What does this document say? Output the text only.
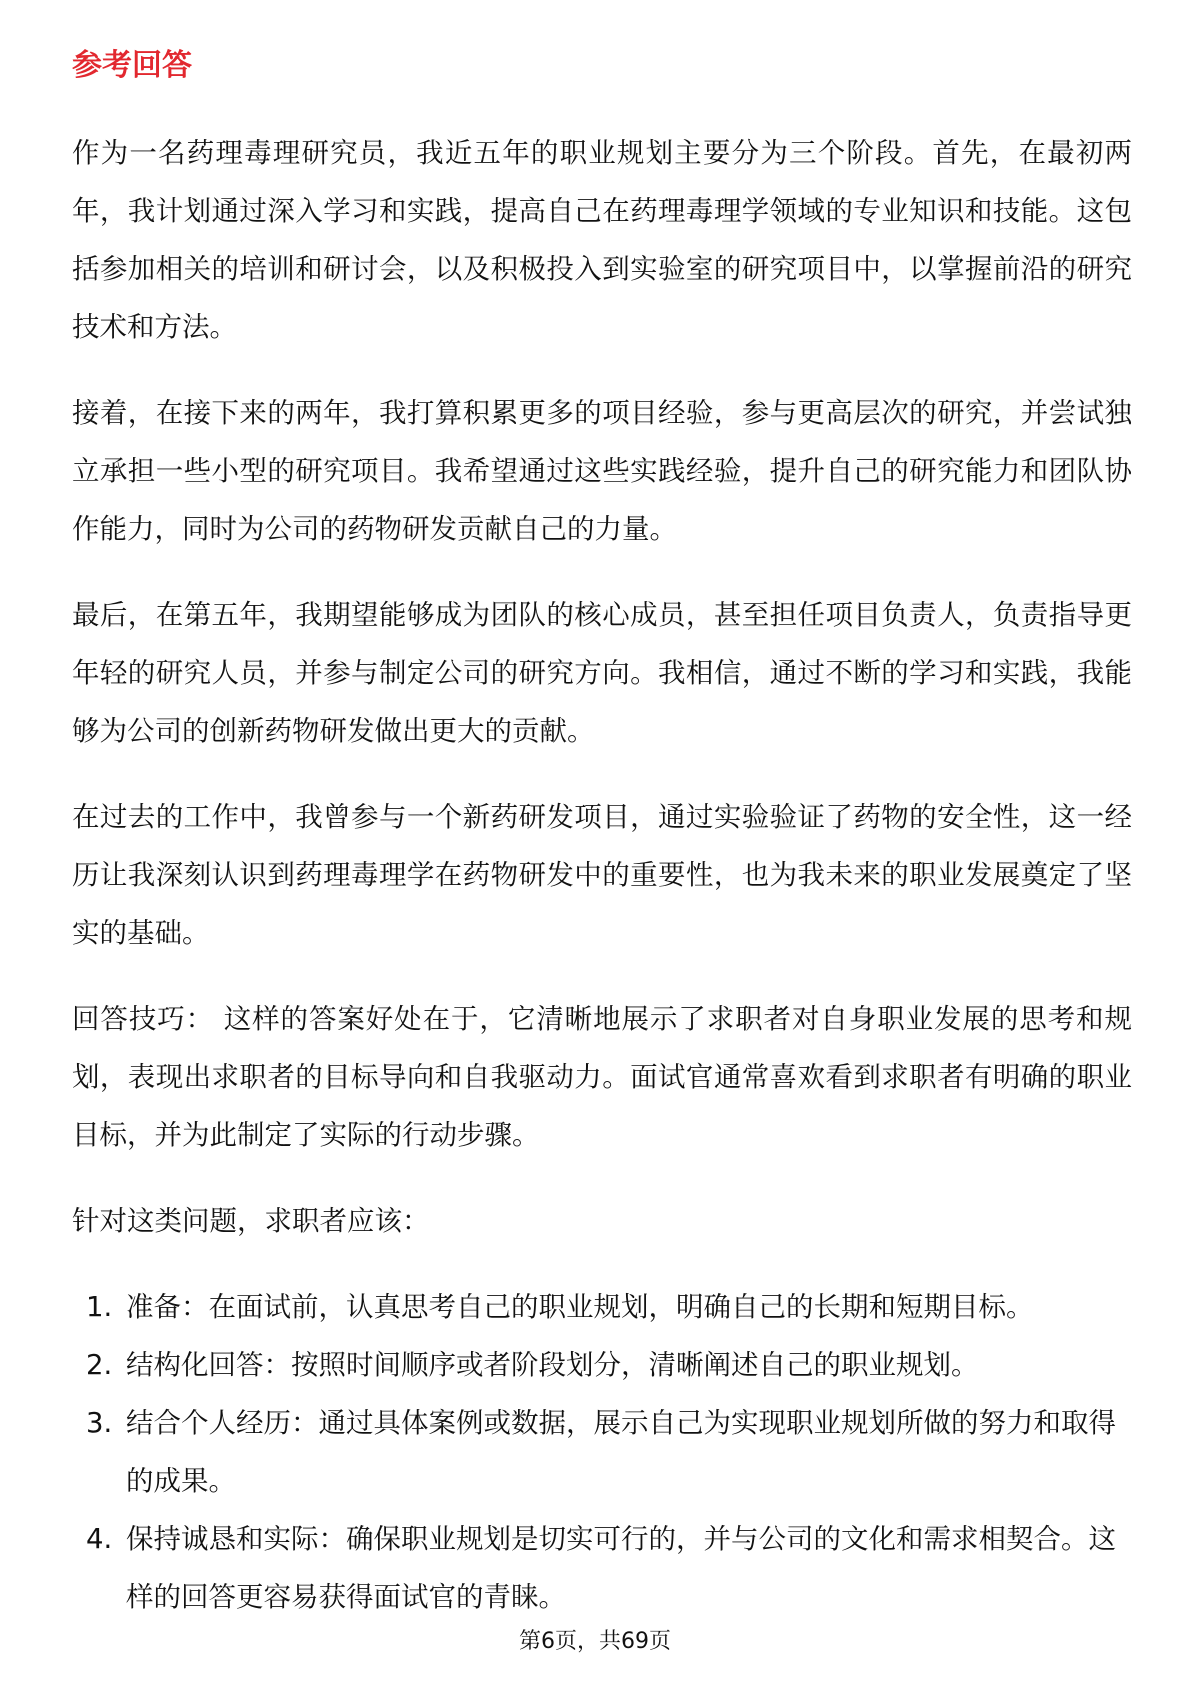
参考回答

作为一名药理毒理研究员，我近五年的职业规划主要分为三个阶段。首先，在最初两年，我计划通过深入学习和实践，提高自己在药理毒理学领域的专业知识和技能。这包括参加相关的培训和研讨会，以及积极投入到实验室的研究项目中，以掌握前沿的研究技术和方法。

接着，在接下来的两年，我打算积累更多的项目经验，参与更高层次的研究，并尝试独立承担一些小型的研究项目。我希望通过这些实践经验，提升自己的研究能力和团队协作能力，同时为公司的药物研发贡献自己的力量。

最后，在第五年，我期望能够成为团队的核心成员，甚至担任项目负责人，负责指导更年轻的研究人员，并参与制定公司的研究方向。我相信，通过不断的学习和实践，我能够为公司的创新药物研发做出更大的贡献。

在过去的工作中，我曾参与一个新药研发项目，通过实验验证了药物的安全性，这一经历让我深刻认识到药理毒理学在药物研发中的重要性，也为我未来的职业发展奠定了坚实的基础。

回答技巧： 这样的答案好处在于，它清晰地展示了求职者对自身职业发展的思考和规划，表现出求职者的目标导向和自我驱动力。面试官通常喜欢看到求职者有明确的职业目标，并为此制定了实际的行动步骤。

针对这类问题，求职者应该：

1. 准备：在面试前，认真思考自己的职业规划，明确自己的长期和短期目标。
2. 结构化回答：按照时间顺序或者阶段划分，清晰阐述自己的职业规划。
3. 结合个人经历：通过具体案例或数据，展示自己为实现职业规划所做的努力和取得的成果。
4. 保持诚恳和实际：确保职业规划是切实可行的，并与公司的文化和需求相契合。这样的回答更容易获得面试官的青睐。
第6页，共69页
